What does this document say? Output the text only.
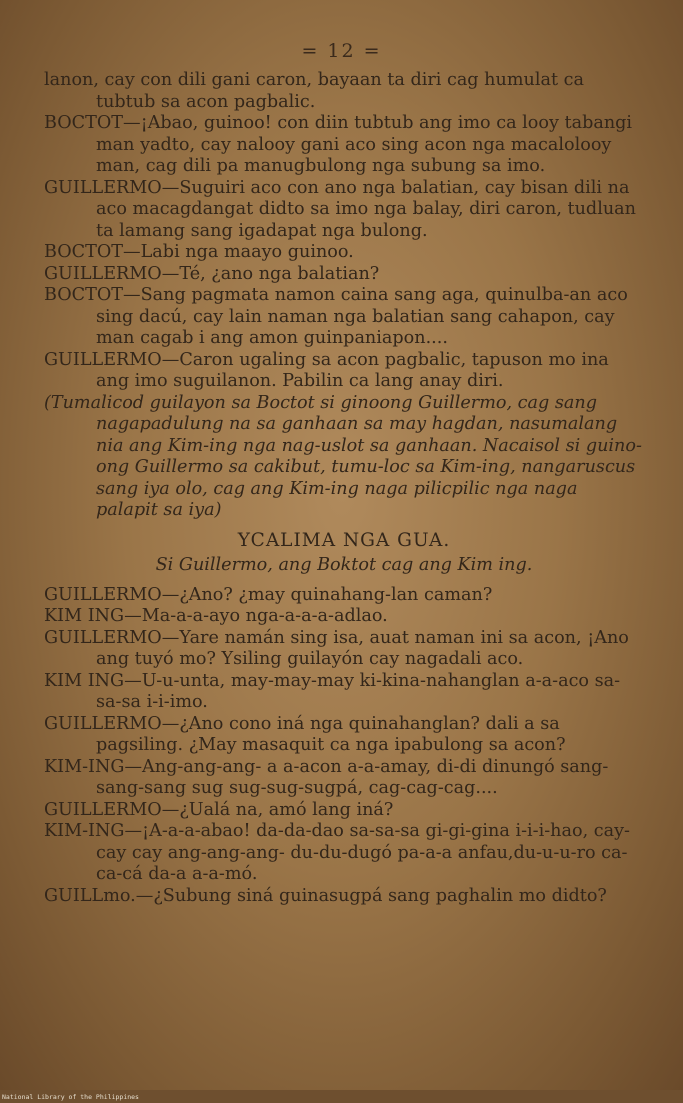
= 12 =

lanon, cay con dili gani caron, bayaan ta diri cag humulat ca tubtub sa acon pagbalic.

BOCTOT—¡Abao, guinoo! con diin tubtub ang imo ca looy tabangi man yadto, cay nalooy gani aco sing acon nga macalolooy man, cag dili pa manugbulong nga subung sa imo.

GUILLERMO—Suguiri aco con ano nga balatian, cay bisan dili na aco macagdangat didto sa imo nga balay, diri caron, tudluan ta lamang sang igadapat nga bulong.

BOCTOT—Labi nga maayo guinoo.

GUILLERMO—Té, ¿ano nga balatian?

BOCTOT—Sang pagmata namon caina sang aga, quinulba-an aco sing dacú, cay lain naman nga balatian sang cahapon, cay man cagab i ang amon guinpaniapon....

GUILLERMO—Caron ugaling sa acon pagbalic, tapuson mo ina ang imo suguilanon. Pabilin ca lang anay diri.

(Tumalicod guilayon sa Boctot si ginoong Guillermo, cag sang nagapadulung na sa ganhaan sa may hagdan, nasumalang nia ang Kim-ing nga nag-uslot sa ganhaan. Nacaisol si guino-ong Guillermo sa cakibut, tumu-loc sa Kim-ing, nangaruscus sang iya olo, cag ang Kim-ing naga pilicpilic nga naga palapit sa iya)

YCALIMA NGA GUA.
Si Guillermo, ang Boktot cag ang Kim ing.

GUILLERMO—¿Ano? ¿may quinahang-lan caman?

KIM ING—Ma-a-a-ayo nga-a-a-a-adlao.

GUILLERMO—Yare namán sing isa, auat naman ini sa acon, ¡Ano ang tuyó mo? Ysiling guilayón cay nagadali aco.

KIM ING—U-u-unta, may-may-may ki-kina-nahanglan a-a-aco sa-sa-sa i-i-imo.

GUILLERMO—¿Ano cono iná nga quinahanglan? dali a sa pagsiling. ¿May masaquit ca nga ipabulong sa acon?

KIM-ING—Ang-ang-ang- a a-acon a-a-amay, di-di dinungó sang-sang-sang sug sug-sug-sugpá, cag-cag-cag....

GUILLERMO—¿Ualá na, amó lang iná?

KIM-ING—¡A-a-a-abao! da-da-dao sa-sa-sa gi-gi-gina i-i-i-hao, cay-cay cay ang-ang-ang- du-du-dugó pa-a-a anfau,du-u-u-ro ca-ca-cá da-a a-a-mó.

GUILLmo.—¿Subung siná guinasugpá sang paghalin mo didto?

National Library of the Philippines
